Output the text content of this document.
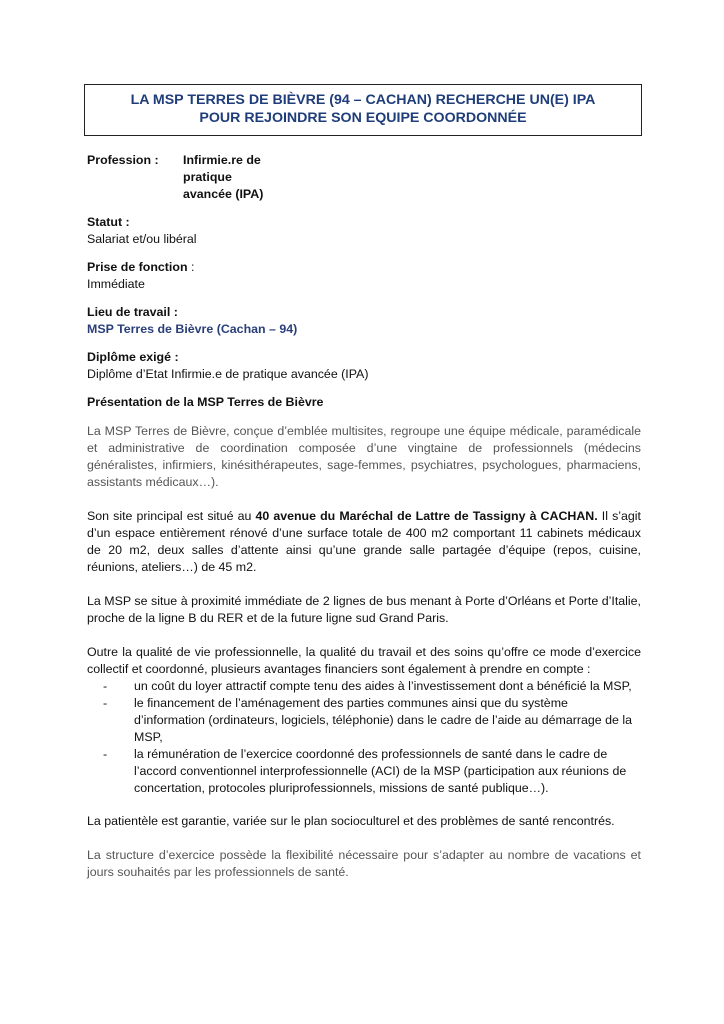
LA MSP TERRES DE BIÈVRE (94 – CACHAN) RECHERCHE UN(E) IPA
POUR REJOINDRE SON EQUIPE COORDONNÉE
Profession :	Infirmie.re de pratique avancée (IPA)
Statut :
Salariat et/ou libéral
Prise de fonction :
Immédiate
Lieu de travail :
MSP Terres de Bièvre (Cachan – 94)
Diplôme exigé :
Diplôme d’Etat Infirmie.e de pratique avancée (IPA)
Présentation de la MSP Terres de Bièvre

La MSP Terres de Bièvre, conçue d’emblée multisites, regroupe une équipe médicale, paramédicale et administrative de coordination composée d’une vingtaine de professionnels (médecins généralistes, infirmiers, kinésithérapeutes, sage-femmes, psychiatres, psychologues, pharmaciens, assistants médicaux…).

Son site principal est situé au 40 avenue du Maréchal de Lattre de Tassigny à CACHAN. Il s’agit d’un espace entièrement rénové d’une surface totale de 400 m2 comportant 11 cabinets médicaux de 20 m2, deux salles d’attente ainsi qu’une grande salle partagée d’équipe (repos, cuisine, réunions, ateliers…) de 45 m2.

La MSP se situe à proximité immédiate de 2 lignes de bus menant à Porte d’Orléans et Porte d’Italie, proche de la ligne B du RER et de la future ligne sud Grand Paris.

Outre la qualité de vie professionnelle, la qualité du travail et des soins qu’offre ce mode d’exercice collectif et coordonné, plusieurs avantages financiers sont également à prendre en compte :

- un coût du loyer attractif compte tenu des aides à l’investissement dont a bénéficié la MSP,
- le financement de l’aménagement des parties communes ainsi que du système d’information (ordinateurs, logiciels, téléphonie) dans le cadre de l’aide au démarrage de la MSP,
- la rémunération de l’exercice coordonné des professionnels de santé dans le cadre de l’accord conventionnel interprofessionnelle (ACI) de la MSP (participation aux réunions de concertation, protocoles pluriprofessionnels, missions de santé publique…).

La patientèle est garantie, variée sur le plan socioculturel et des problèmes de santé rencontrés.

La structure d’exercice possède la flexibilité nécessaire pour s’adapter au nombre de vacations et jours souhaités par les professionnels de santé.
